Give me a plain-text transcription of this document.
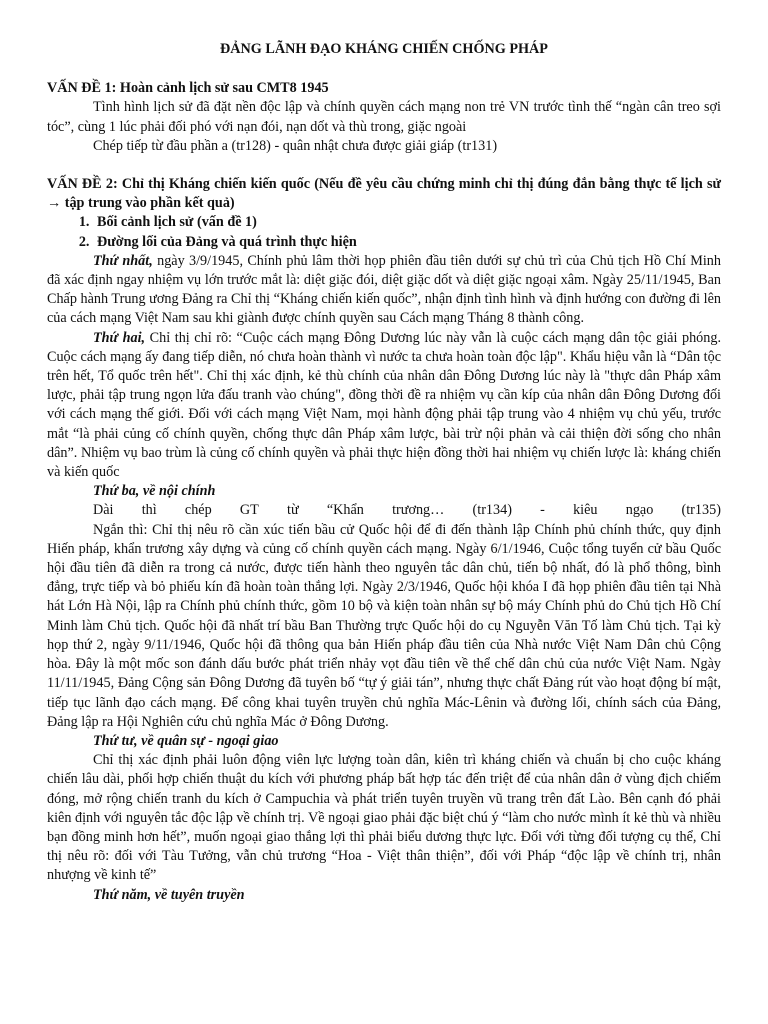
ĐẢNG LÃNH ĐẠO KHÁNG CHIẾN CHỐNG PHÁP

VẤN ĐỀ 1: Hoàn cảnh lịch sử sau CMT8 1945

Tình hình lịch sử đã đặt nền độc lập và chính quyền cách mạng non trẻ VN trước tình thế “ngàn cân treo sợi tóc”, cùng 1 lúc phải đối phó với nạn đói, nạn dốt và thù trong, giặc ngoài

Chép tiếp từ đầu phần a (tr128) - quân nhật chưa được giải giáp (tr131)

VẤN ĐỀ 2: Chỉ thị Kháng chiến kiến quốc (Nếu đề yêu cầu chứng minh chỉ thị đúng đắn bằng thực tế lịch sử → tập trung vào phần kết quả)

1. Bối cảnh lịch sử (vấn đề 1)
2. Đường lối của Đảng và quá trình thực hiện

Thứ nhất, ngày 3/9/1945, Chính phủ lâm thời họp phiên đầu tiên dưới sự chủ trì của Chủ tịch Hồ Chí Minh đã xác định ngay nhiệm vụ lớn trước mắt là: diệt giặc đói, diệt giặc dốt và diệt giặc ngoại xâm. Ngày 25/11/1945, Ban Chấp hành Trung ương Đảng ra Chỉ thị “Kháng chiến kiến quốc”, nhận định tình hình và định hướng con đường đi lên của cách mạng Việt Nam sau khi giành được chính quyền sau Cách mạng Tháng 8 thành công.

Thứ hai, Chỉ thị chỉ rõ: “Cuộc cách mạng Đông Dương lúc này vẫn là cuộc cách mạng dân tộc giải phóng. Cuộc cách mạng ấy đang tiếp diễn, nó chưa hoàn thành vì nước ta chưa hoàn toàn độc lập". Khẩu hiệu vẫn là “Dân tộc trên hết, Tổ quốc trên hết". Chỉ thị xác định, kẻ thù chính của nhân dân Đông Dương lúc này là "thực dân Pháp xâm lược, phải tập trung ngọn lửa đấu tranh vào chúng", đồng thời đề ra nhiệm vụ cần kíp của nhân dân Đông Dương đối với cách mạng thế giới. Đối với cách mạng Việt Nam, mọi hành động phải tập trung vào 4 nhiệm vụ chủ yếu, trước mắt “là phải củng cố chính quyền, chống thực dân Pháp xâm lược, bài trừ nội phản và cải thiện đời sống cho nhân dân”. Nhiệm vụ bao trùm là củng cố chính quyền và phải thực hiện đồng thời hai nhiệm vụ chiến lược là: kháng chiến và kiến quốc

Thứ ba, về nội chính

Dài thì chép GT từ “Khẩn trương… (tr134) - kiêu ngạo (tr135)

Ngắn thì: Chỉ thị nêu rõ cần xúc tiến bầu cử Quốc hội để đi đến thành lập Chính phủ chính thức, quy định Hiến pháp, khẩn trương xây dựng và củng cố chính quyền cách mạng. Ngày 6/1/1946, Cuộc tổng tuyển cử bầu Quốc hội đầu tiên đã diễn ra trong cả nước, được tiến hành theo nguyên tắc dân chủ, tiến bộ nhất, đó là phổ thông, bình đẳng, trực tiếp và bỏ phiếu kín đã hoàn toàn thắng lợi. Ngày 2/3/1946, Quốc hội khóa I đã họp phiên đầu tiên tại Nhà hát Lớn Hà Nội, lập ra Chính phủ chính thức, gồm 10 bộ và kiện toàn nhân sự bộ máy Chính phủ do Chủ tịch Hồ Chí Minh làm Chủ tịch. Quốc hội đã nhất trí bầu Ban Thường trực Quốc hội do cụ Nguyễn Văn Tố làm Chủ tịch. Tại kỳ họp thứ 2, ngày 9/11/1946, Quốc hội đã thông qua bản Hiến pháp đầu tiên của Nhà nước Việt Nam Dân chủ Cộng hòa. Đây là một mốc son đánh dấu bước phát triển nhảy vọt đầu tiên về thể chế dân chủ của nước Việt Nam. Ngày 11/11/1945, Đảng Cộng sản Đông Dương đã tuyên bố “tự ý giải tán”, nhưng thực chất Đảng rút vào hoạt động bí mật, tiếp tục lãnh đạo cách mạng. Để công khai tuyên truyền chủ nghĩa Mác-Lênin và đường lối, chính sách của Đảng, Đảng lập ra Hội Nghiên cứu chủ nghĩa Mác ở Đông Dương.

Thứ tư, về quân sự - ngoại giao

Chỉ thị xác định phải luôn động viên lực lượng toàn dân, kiên trì kháng chiến và chuẩn bị cho cuộc kháng chiến lâu dài, phối hợp chiến thuật du kích với phương pháp bất hợp tác đến triệt để của nhân dân ở vùng địch chiếm đóng, mở rộng chiến tranh du kích ở Campuchia và phát triển tuyên truyền vũ trang trên đất Lào. Bên cạnh đó phải kiên định với nguyên tắc độc lập về chính trị. Về ngoại giao phải đặc biệt chú ý “làm cho nước mình ít kẻ thù và nhiều bạn đồng minh hơn hết”, muốn ngoại giao thắng lợi thì phải biểu dương thực lực. Đối với từng đối tượng cụ thể, Chỉ thị nêu rõ: đối với Tàu Tưởng, vẫn chủ trương “Hoa - Việt thân thiện”, đối với Pháp “độc lập về chính trị, nhân nhượng về kinh tế”

Thứ năm, về tuyên truyền
